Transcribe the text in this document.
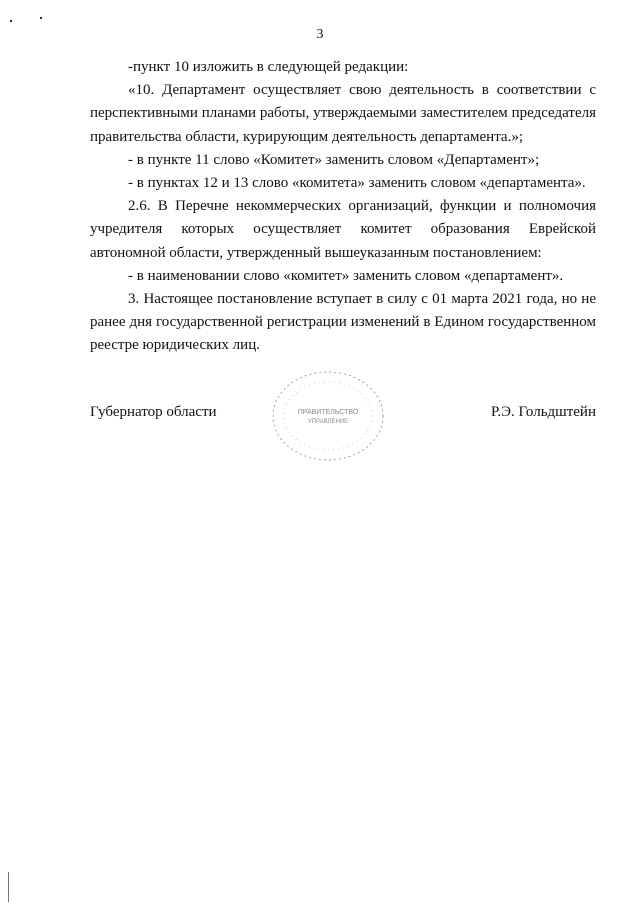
3

-пункт 10 изложить в следующей редакции:

«10. Департамент осуществляет свою деятельность в соответствии с перспективными планами работы, утверждаемыми заместителем председателя правительства области, курирующим деятельность департамента.»;

- в пункте 11 слово «Комитет» заменить словом «Департамент»;

- в пунктах 12 и 13 слово «комитета» заменить словом «департамента».

2.6. В Перечне некоммерческих организаций, функции и полномочия учредителя которых осуществляет комитет образования Еврейской автономной области, утвержденный вышеуказанным постановлением:

- в наименовании слово «комитет» заменить словом «департамент».

3. Настоящее постановление вступает в силу с 01 марта 2021 года, но не ранее дня государственной регистрации изменений в Едином государственном реестре юридических лиц.

ПРАВИТЕЛЬСТВО
УПРАВЛЕНИЕ
Губернатор области	Р.Э. Гольдштейн
